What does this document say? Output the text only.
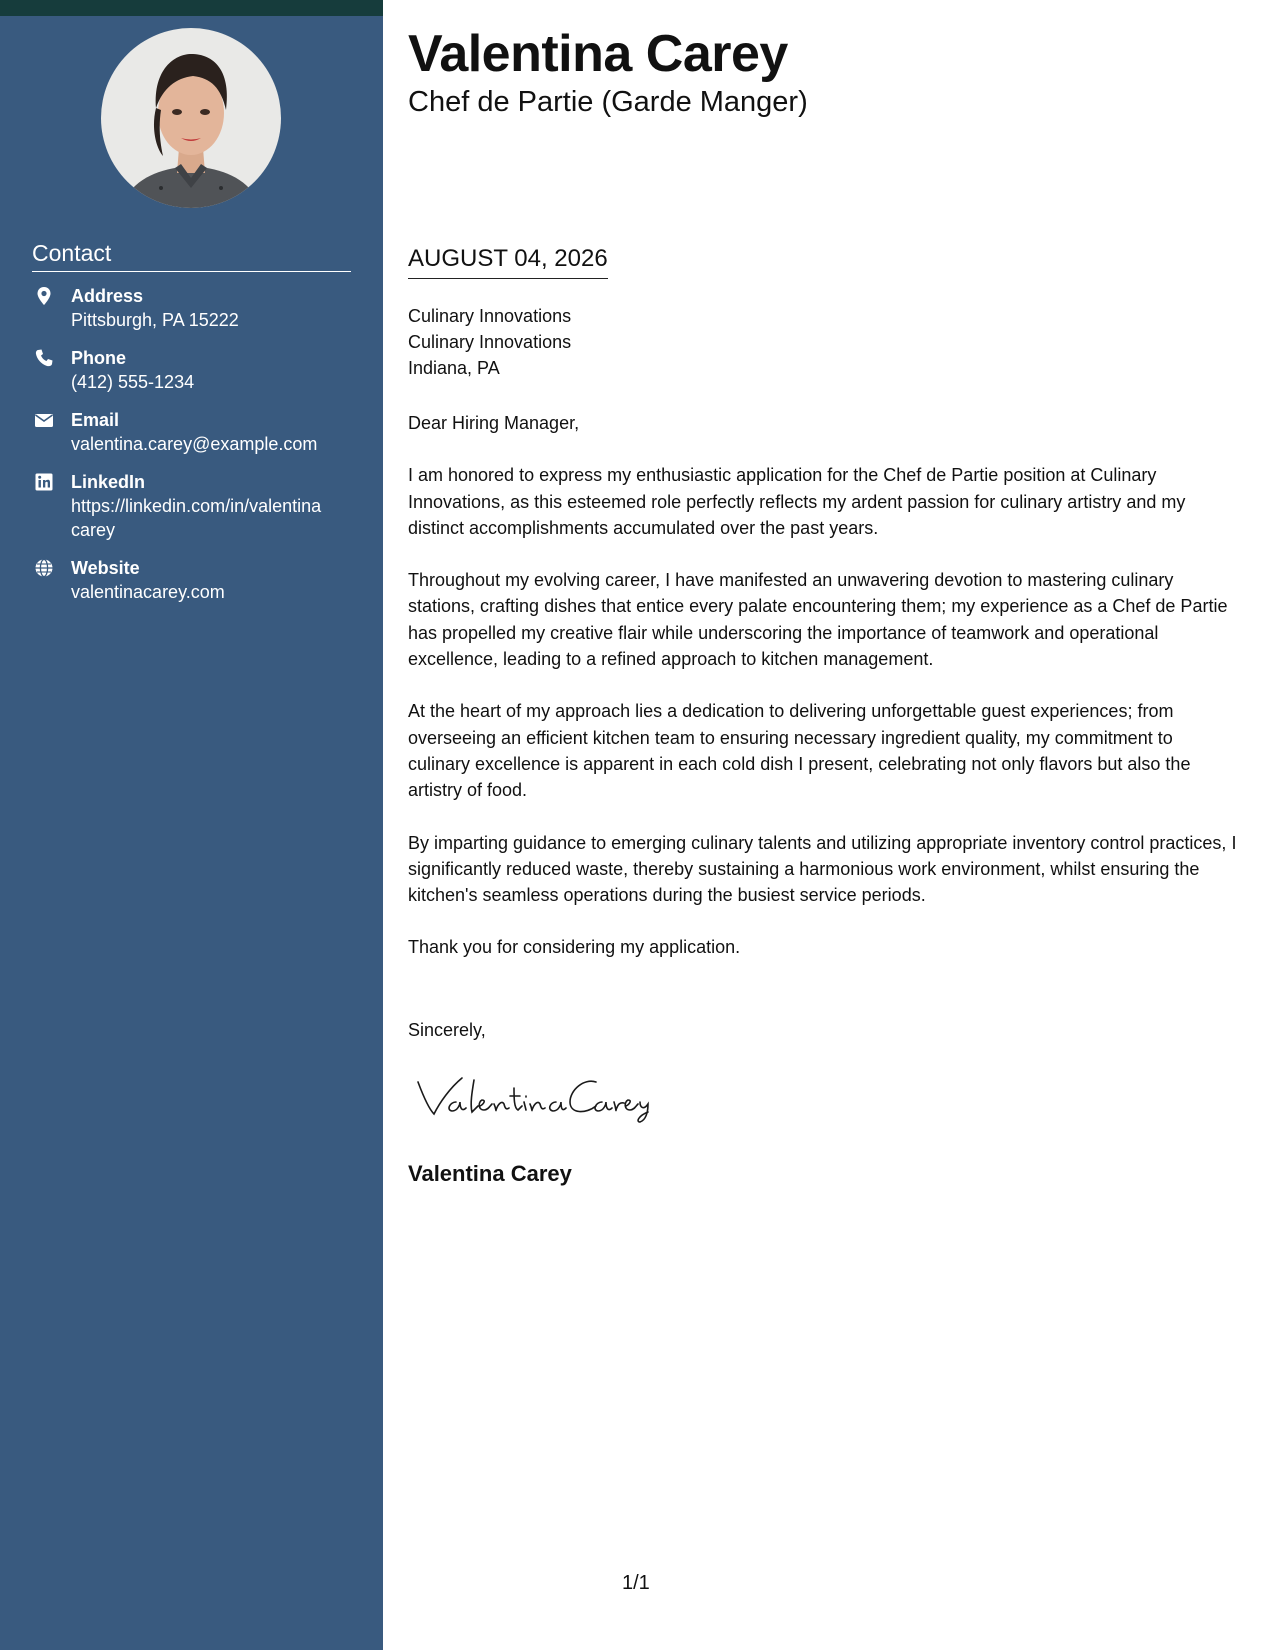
Contact
Address
Pittsburgh, PA 15222
Phone
(412) 555-1234
Email
valentina.carey@example.com
LinkedIn
https://linkedin.com/in/valentina
carey
Website
valentinacarey.com
Valentina Carey
Chef de Partie (Garde Manger)
AUGUST 04, 2026
Culinary Innovations
Culinary Innovations
Indiana, PA

Dear Hiring Manager,

I am honored to express my enthusiastic application for the Chef de Partie position at Culinary Innovations, as this esteemed role perfectly reflects my ardent passion for culinary artistry and my distinct accomplishments accumulated over the past years.

Throughout my evolving career, I have manifested an unwavering devotion to mastering culinary stations, crafting dishes that entice every palate encountering them; my experience as a Chef de Partie has propelled my creative flair while underscoring the importance of teamwork and operational excellence, leading to a refined approach to kitchen management.

At the heart of my approach lies a dedication to delivering unforgettable guest experiences; from overseeing an efficient kitchen team to ensuring necessary ingredient quality, my commitment to culinary excellence is apparent in each cold dish I present, celebrating not only flavors but also the artistry of food.

By imparting guidance to emerging culinary talents and utilizing appropriate inventory control practices, I significantly reduced waste, thereby sustaining a harmonious work environment, whilst ensuring the kitchen's seamless operations during the busiest service periods.

Thank you for considering my application.

Sincerely,
Valentina Carey
1/1
